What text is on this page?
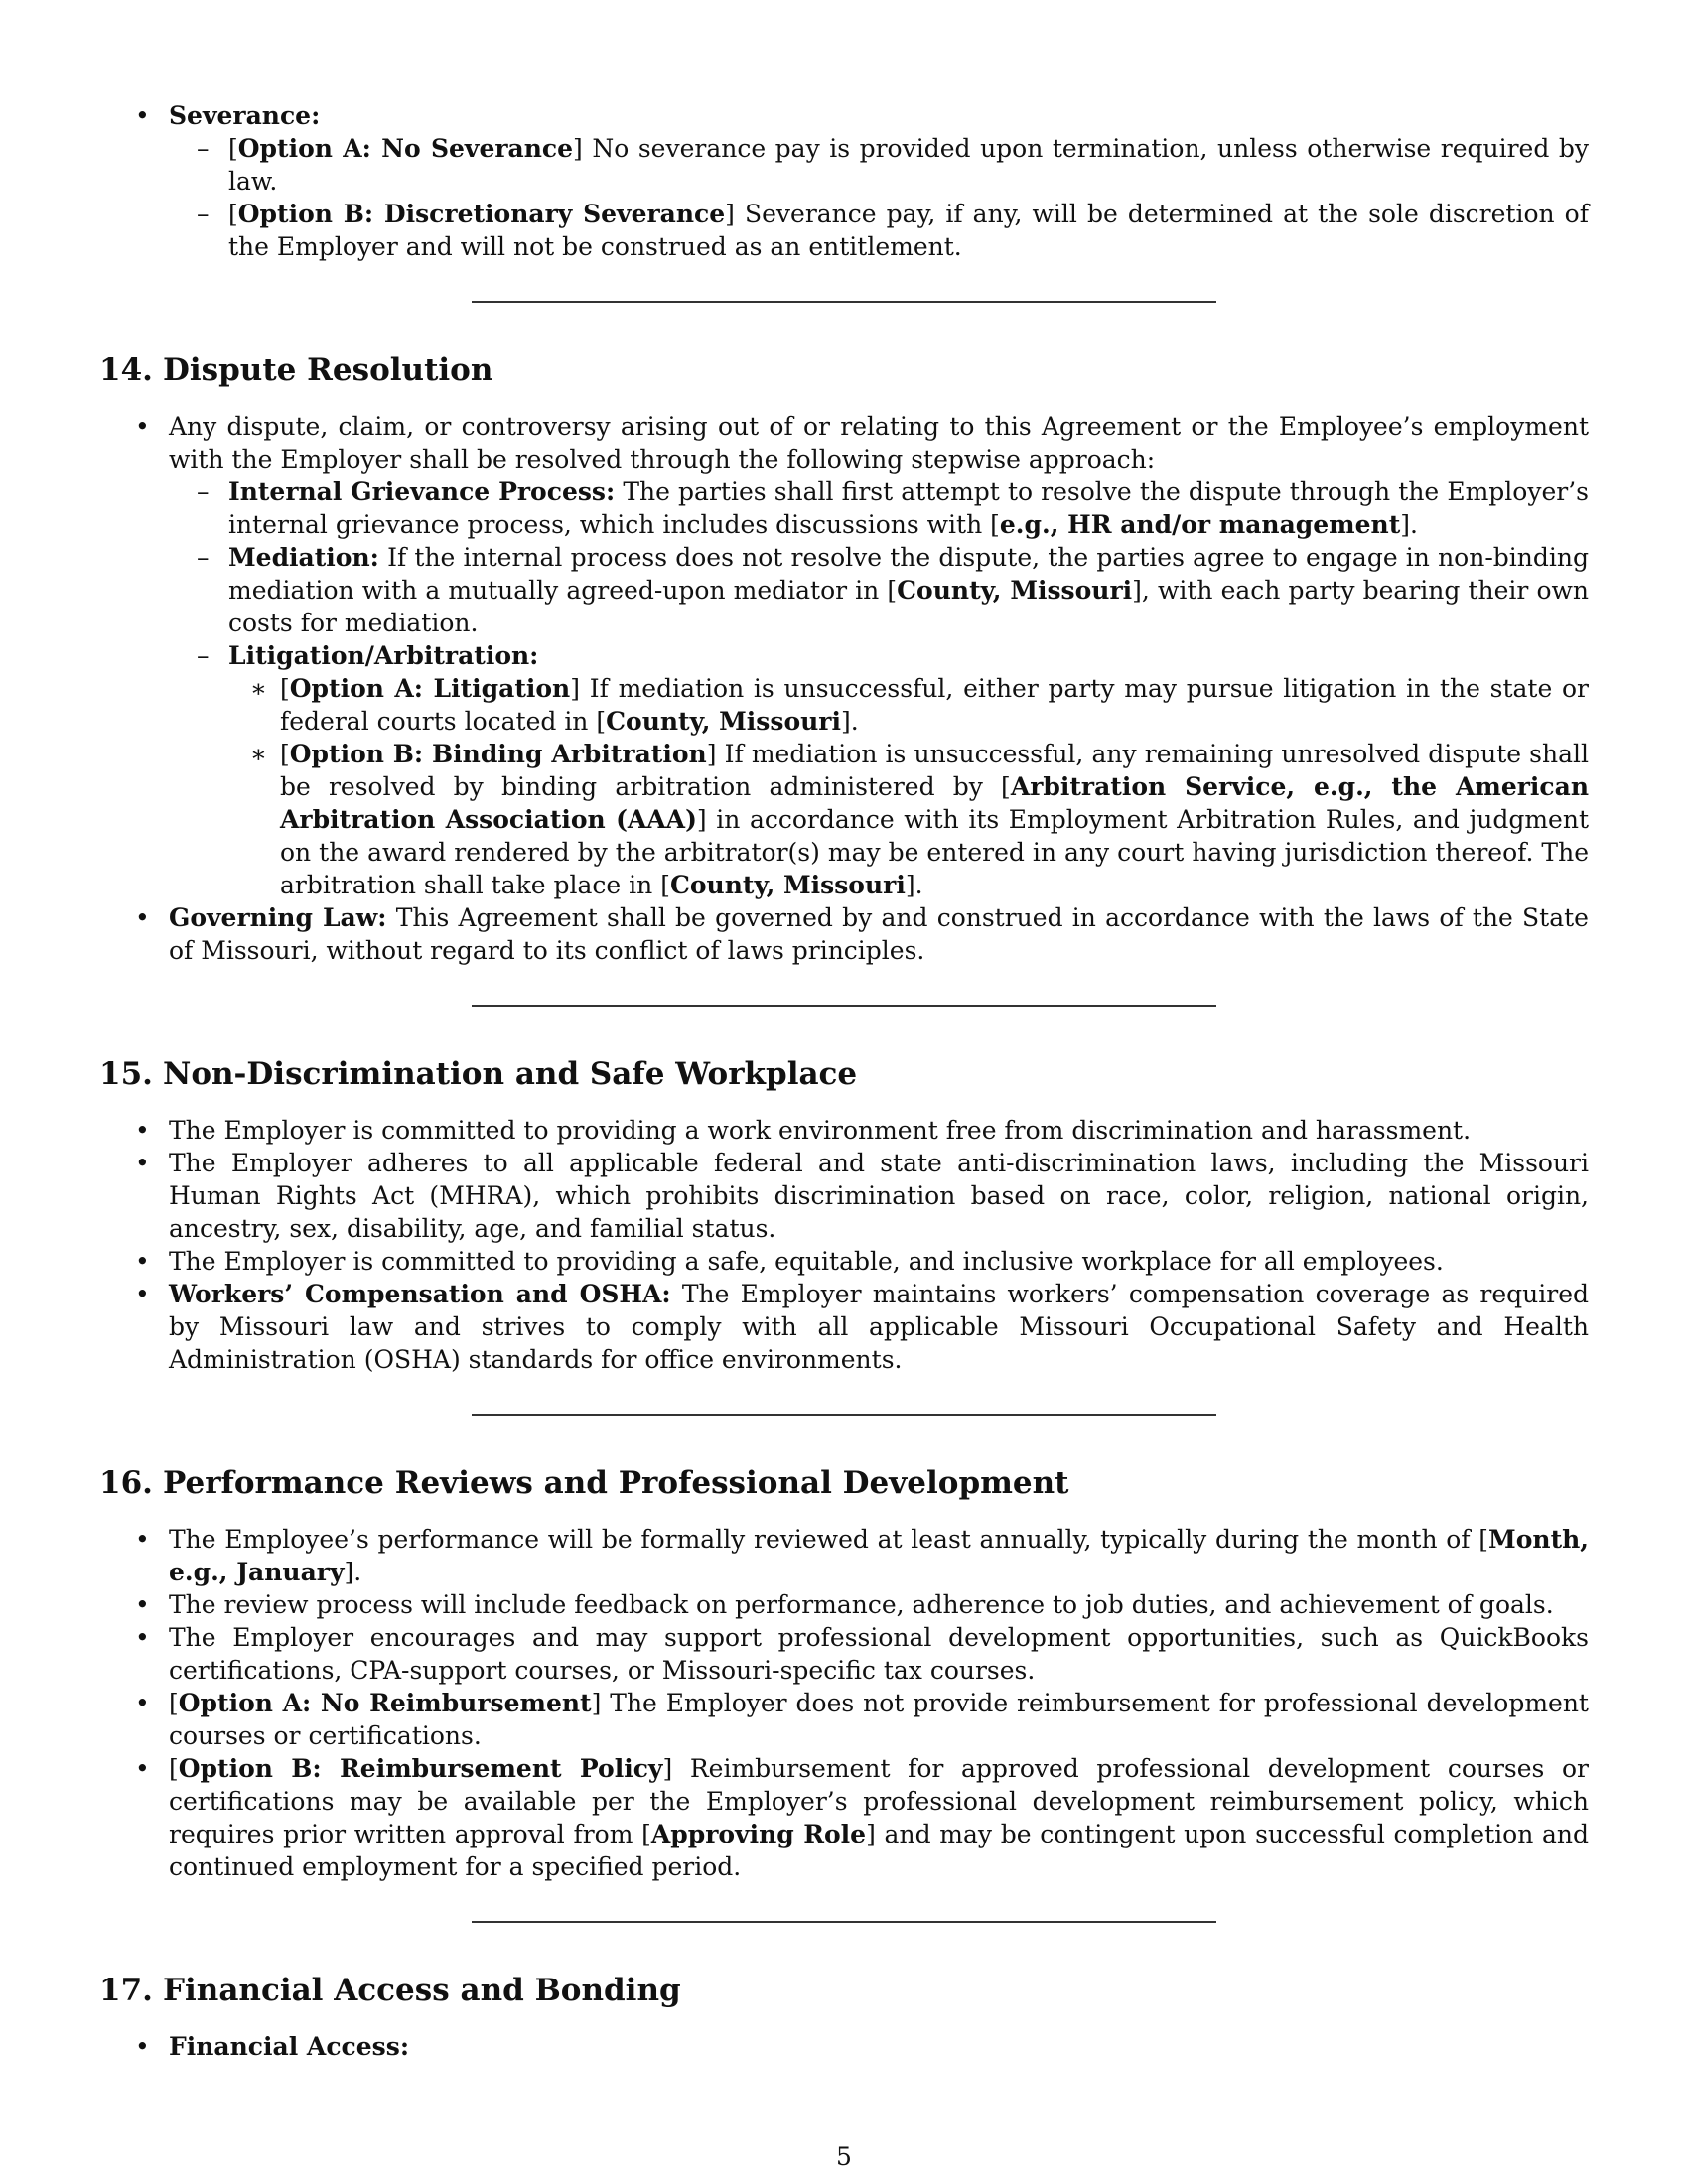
• Severance:

– [Option A: No Severance] No severance pay is provided upon termination, unless otherwise required by law.

– [Option B: Discretionary Severance] Severance pay, if any, will be determined at the sole discretion of the Employer and will not be construed as an entitlement.

14. Dispute Resolution
• Any dispute, claim, or controversy arising out of or relating to this Agreement or the Employee’s employment with the Employer shall be resolved through the following stepwise approach:

– Internal Grievance Process: The parties shall first attempt to resolve the dispute through the Employer’s internal grievance process, which includes discussions with [e.g., HR and/or management].

– Mediation: If the internal process does not resolve the dispute, the parties agree to engage in non-binding mediation with a mutually agreed-upon mediator in [County, Missouri], with each party bearing their own costs for mediation.

– Litigation/Arbitration:

∗ [Option A: Litigation] If mediation is unsuccessful, either party may pursue litigation in the state or federal courts located in [County, Missouri].

∗ [Option B: Binding Arbitration] If mediation is unsuccessful, any remaining unresolved dispute shall be resolved by binding arbitration administered by [Arbitration Service, e.g., the American Arbitration Association (AAA)] in accordance with its Employment Arbitration Rules, and judgment on the award rendered by the arbitrator(s) may be entered in any court having jurisdiction thereof. The arbitration shall take place in [County, Missouri].

• Governing Law: This Agreement shall be governed by and construed in accordance with the laws of the State of Missouri, without regard to its conflict of laws principles.

15. Non-Discrimination and Safe Workplace
• The Employer is committed to providing a work environment free from discrimination and harassment.

• The Employer adheres to all applicable federal and state anti-discrimination laws, including the Missouri Human Rights Act (MHRA), which prohibits discrimination based on race, color, religion, national origin, ancestry, sex, disability, age, and familial status.

• The Employer is committed to providing a safe, equitable, and inclusive workplace for all employees.

• Workers’ Compensation and OSHA: The Employer maintains workers’ compensation coverage as required by Missouri law and strives to comply with all applicable Missouri Occupational Safety and Health Administration (OSHA) standards for office environments.

16. Performance Reviews and Professional Development
• The Employee’s performance will be formally reviewed at least annually, typically during the month of [Month, e.g., January].

• The review process will include feedback on performance, adherence to job duties, and achievement of goals.

• The Employer encourages and may support professional development opportunities, such as QuickBooks certifications, CPA-support courses, or Missouri-specific tax courses.

• [Option A: No Reimbursement] The Employer does not provide reimbursement for professional development courses or certifications.

• [Option B: Reimbursement Policy] Reimbursement for approved professional development courses or certifications may be available per the Employer’s professional development reimbursement policy, which requires prior written approval from [Approving Role] and may be contingent upon successful completion and continued employment for a specified period.

17. Financial Access and Bonding
• Financial Access:

5
